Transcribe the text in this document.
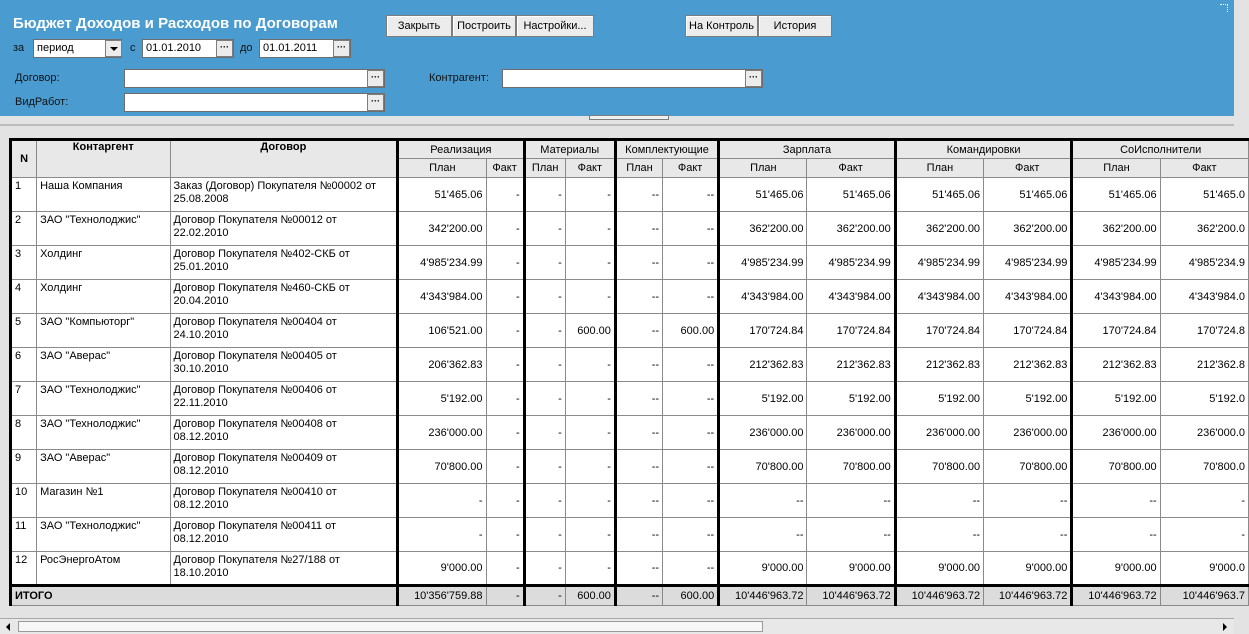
Бюджет Доходов и Расходов по Договорам	Закрыть	Построить	Настройки...	На Контроль	История
за	период	с 01.01.2010	···	до 01.01.2011	···
Договор:	···	Контрагент:	···
ВидРабот:	···
N	Контаргент	Договор	Реализация		Материалы		Комплектующие		Зарплата		Командировки		СоИсполнители	
			План	Факт	План	Факт	План	Факт	План	Факт	План	Факт	План	Факт
1	Наша Компания	Заказ (Договор) Покупателя №00002 от 25.08.2008	51'465.06	-	-	-	--	--	51'465.06	51'465.06	51'465.06	51'465.06	51'465.06	51'465.0
2	ЗАО "Технолоджис"	Договор Покупателя №00012 от 22.02.2010	342'200.00	-	-	-	--	--	362'200.00	362'200.00	362'200.00	362'200.00	362'200.00	362'200.0
3	Холдинг	Договор Покупателя №402-СКБ от 25.01.2010	4'985'234.99	-	-	-	--	--	4'985'234.99	4'985'234.99	4'985'234.99	4'985'234.99	4'985'234.99	4'985'234.9
4	Холдинг	Договор Покупателя №460-СКБ от 20.04.2010	4'343'984.00	-	-	-	--	--	4'343'984.00	4'343'984.00	4'343'984.00	4'343'984.00	4'343'984.00	4'343'984.0
5	ЗАО "Компьюторг"	Договор Покупателя №00404 от 24.10.2010	106'521.00	-	-	600.00	--	600.00	170'724.84	170'724.84	170'724.84	170'724.84	170'724.84	170'724.8
6	ЗАО "Аверас"	Договор Покупателя №00405 от 30.10.2010	206'362.83	-	-	-	--	--	212'362.83	212'362.83	212'362.83	212'362.83	212'362.83	212'362.8
7	ЗАО "Технолоджис"	Договор Покупателя №00406 от 22.11.2010	5'192.00	-	-	-	--	--	5'192.00	5'192.00	5'192.00	5'192.00	5'192.00	5'192.0
8	ЗАО "Технолоджис"	Договор Покупателя №00408 от 08.12.2010	236'000.00	-	-	-	--	--	236'000.00	236'000.00	236'000.00	236'000.00	236'000.00	236'000.0
9	ЗАО "Аверас"	Договор Покупателя №00409 от 08.12.2010	70'800.00	-	-	-	--	--	70'800.00	70'800.00	70'800.00	70'800.00	70'800.00	70'800.0
10	Магазин №1	Договор Покупателя №00410 от 08.12.2010	-	-	-	-	--	--	--	--	--	--	--	-
11	ЗАО "Технолоджис"	Договор Покупателя №00411 от 08.12.2010	-	-	-	-	--	--	--	--	--	--	--	-
12	РосЭнергоАтом	Договор Покупателя №27/188 от 18.10.2010	9'000.00	-	-	-	--	--	9'000.00	9'000.00	9'000.00	9'000.00	9'000.00	9'000.0
ИТОГО			10'356'759.88	-	-	600.00	--	600.00	10'446'963.72	10'446'963.72	10'446'963.72	10'446'963.72	10'446'963.72	10'446'963.7
